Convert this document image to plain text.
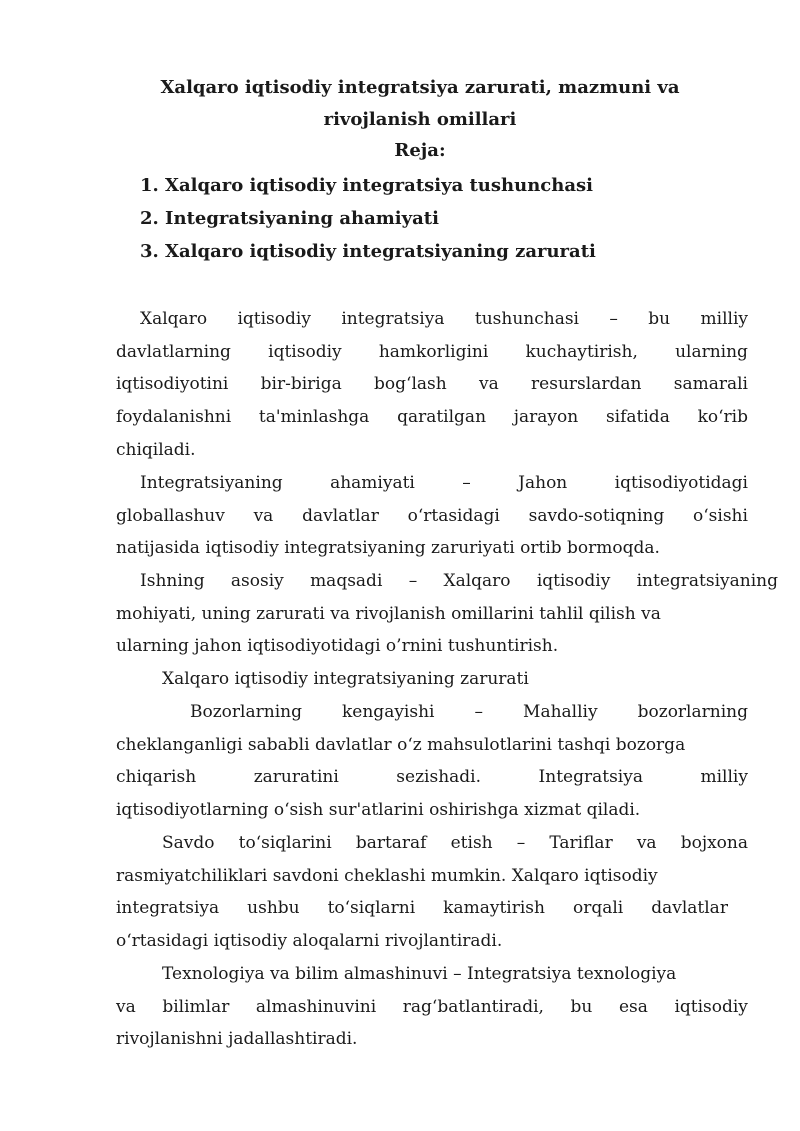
Xalqaro iqtisodiy integratsiya zarurati, mazmuni va
rivojlanish omillari
Reja:
1. Xalqaro iqtisodiy integratsiya tushunchasi
2. Integratsiyaning ahamiyati
3. Xalqaro iqtisodiy integratsiyaning zarurati
Xalqaro iqtisodiy integratsiya tushunchasi – bu milliy
davlatlarning iqtisodiy hamkorligini kuchaytirish, ularning
iqtisodiyotini bir-biriga bog‘lash va resurslardan samarali
foydalanishni ta'minlashga qaratilgan jarayon sifatida ko‘rib
chiqiladi.
Integratsiyaning	ahamiyati	–	Jahon	iqtisodiyotidagi
globallashuv va davlatlar o‘rtasidagi savdo-sotiqning o‘sishi
natijasida iqtisodiy integratsiyaning zaruriyati ortib bormoqda.
Ishning asosiy maqsadi – Xalqaro iqtisodiy integratsiyaning
mohiyati, uning zarurati va rivojlanish omillarini tahlil qilish va
ularning jahon iqtisodiyotidagi o’rnini tushuntirish.
Xalqaro iqtisodiy integratsiyaning zarurati
Bozorlarning kengayishi – Mahalliy bozorlarning
cheklanganligi sababli davlatlar o‘z mahsulotlarini tashqi bozorga
chiqarish	zaruratini	sezishadi.	Integratsiya	milliy
iqtisodiyotlarning o‘sish sur'atlarini oshirishga xizmat qiladi.
Savdo to‘siqlarini bartaraf etish – Tariflar va bojxona
rasmiyatchiliklari savdoni cheklashi mumkin. Xalqaro iqtisodiy
integratsiya ushbu to‘siqlarni kamaytirish orqali davlatlar
o‘rtasidagi iqtisodiy aloqalarni rivojlantiradi.
Texnologiya va bilim almashinuvi – Integratsiya texnologiya
va bilimlar almashinuvini rag‘batlantiradi, bu esa iqtisodiy
rivojlanishni jadallashtiradi.
